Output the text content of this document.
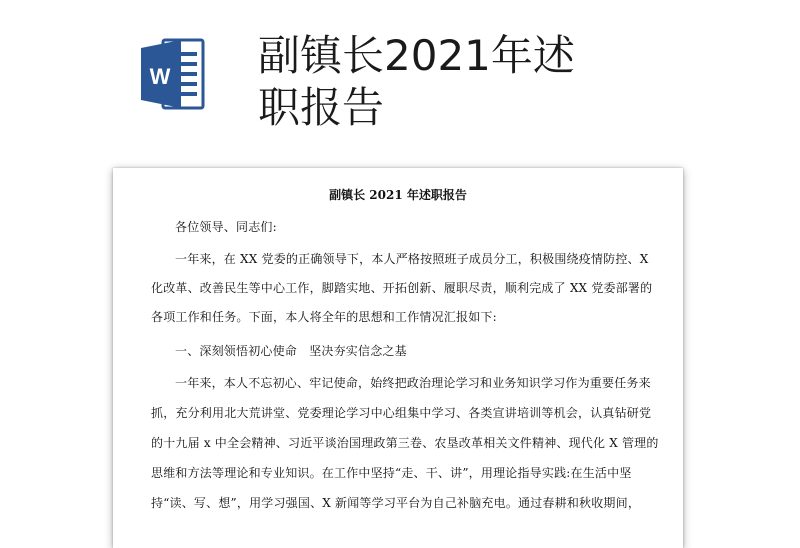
W 副镇长2021年述
职报告
副镇长 2021 年述职报告
各位领导、同志们:
一年来，在 XX 党委的正确领导下，本人严格按照班子成员分工，积极围绕疫情防控、X
化改革、改善民生等中心工作，脚踏实地、开拓创新、履职尽责，顺利完成了 XX 党委部署的
各项工作和任务。下面，本人将全年的思想和工作情况汇报如下:
一、深刻领悟初心使命　坚决夯实信念之基
一年来，本人不忘初心、牢记使命，始终把政治理论学习和业务知识学习作为重要任务来
抓，充分利用北大荒讲堂、党委理论学习中心组集中学习、各类宣讲培训等机会，认真钻研党
的十九届 x 中全会精神、习近平谈治国理政第三卷、农垦改革相关文件精神、现代化 X 管理的
思维和方法等理论和专业知识。在工作中坚持“走、干、讲”，用理论指导实践:在生活中坚
持“读、写、想”，用学习强国、X 新闻等学习平台为自己补脑充电。通过春耕和秋收期间，
